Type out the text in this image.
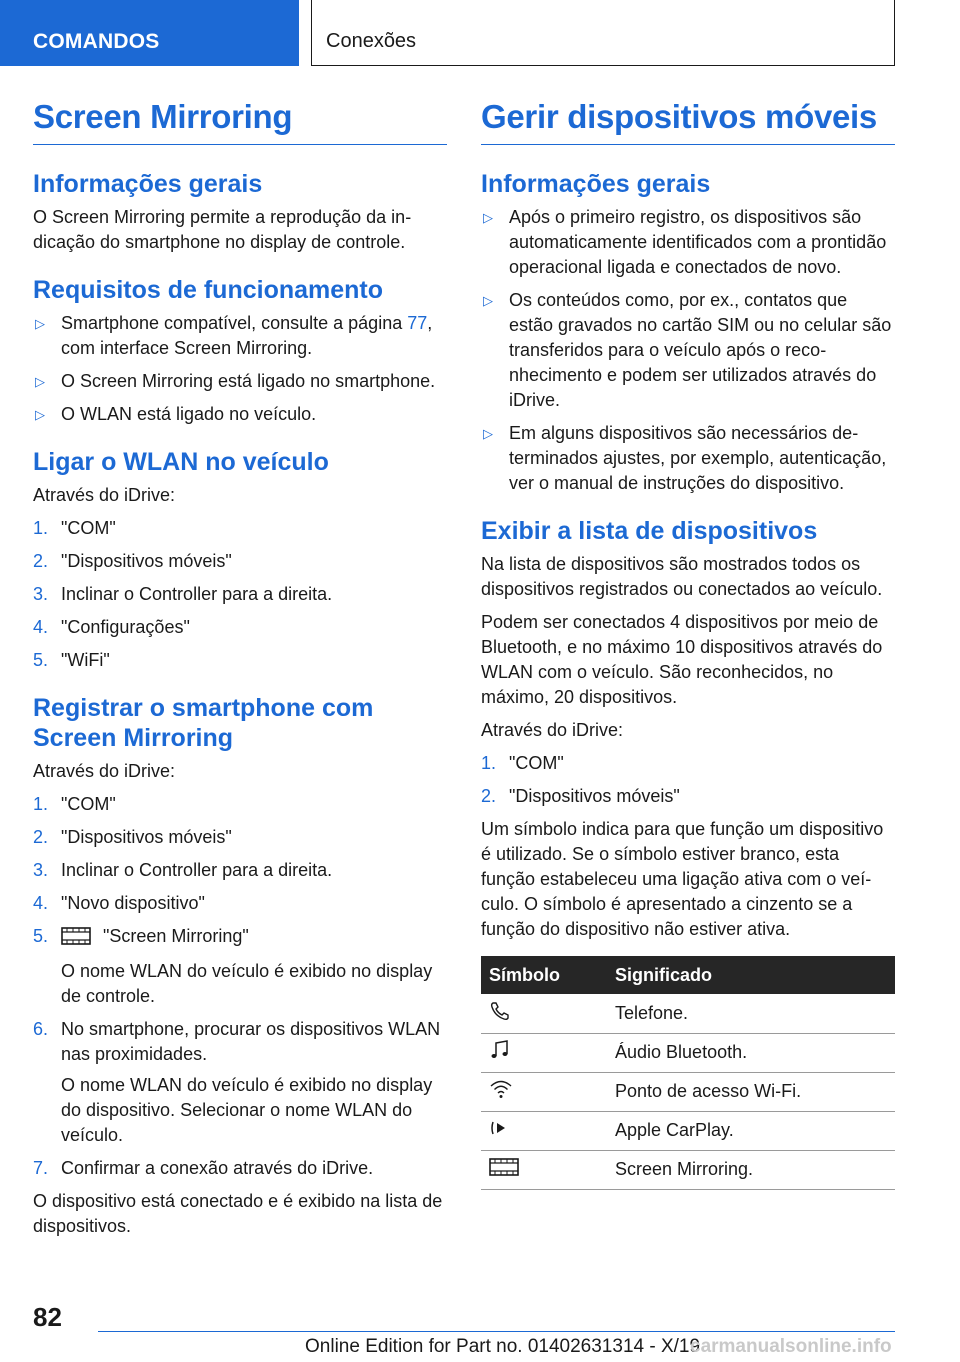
COMANDOS	Conexões
Screen Mirroring
Informações gerais

O Screen Mirroring permite a reprodução da indicação do smartphone no display de controle.

Requisitos de funcionamento
▷ Smartphone compatível, consulte a página 77, com interface Screen Mirroring.
▷ O Screen Mirroring está ligado no smartphone.
▷ O WLAN está ligado no veículo.
Ligar o WLAN no veículo

Através do iDrive:

1. "COM"
2. "Dispositivos móveis"
3. Inclinar o Controller para a direita.
4. "Configurações"
5. "WiFi"
Registrar o smartphone com Screen Mirroring

Através do iDrive:

1. "COM"
2. "Dispositivos móveis"
3. Inclinar o Controller para a direita.
4. "Novo dispositivo"
5.	"Screen Mirroring"
O nome WLAN do veículo é exibido no display de controle.
6. No smartphone, procurar os dispositivos WLAN nas proximidades.
O nome WLAN do veículo é exibido no display do dispositivo. Selecionar o nome WLAN do veículo.
7. Confirmar a conexão através do iDrive.

O dispositivo está conectado e é exibido na lista de dispositivos.

Gerir dispositivos móveis
Informações gerais
▷ Após o primeiro registro, os dispositivos são automaticamente identificados com a prontidão operacional ligada e conectados de novo.
▷ Os conteúdos como, por ex., contatos que estão gravados no cartão SIM ou no celular são transferidos para o veículo após o reconhecimento e podem ser utilizados através do iDrive.
▷ Em alguns dispositivos são necessários determinados ajustes, por exemplo, autenticação, ver o manual de instruções do dispositivo.
Exibir a lista de dispositivos

Na lista de dispositivos são mostrados todos os dispositivos registrados ou conectados ao veículo.

Podem ser conectados 4 dispositivos por meio de Bluetooth, e no máximo 10 dispositivos através do WLAN com o veículo. São reconhecidos, no máximo, 20 dispositivos.

Através do iDrive:

1. "COM"
2. "Dispositivos móveis"

Um símbolo indica para que função um dispositivo é utilizado. Se o símbolo estiver branco, esta função estabeleceu uma ligação ativa com o veículo. O símbolo é apresentado a cinzento se a função do dispositivo não estiver ativa.

Símbolo	Significado
	Telefone.
	Áudio Bluetooth.
	Ponto de acesso Wi-Fi.
	Apple CarPlay.
	Screen Mirroring.
82
Online Edition for Part no. 01402631314 - X/19
carmanualsonline.info
